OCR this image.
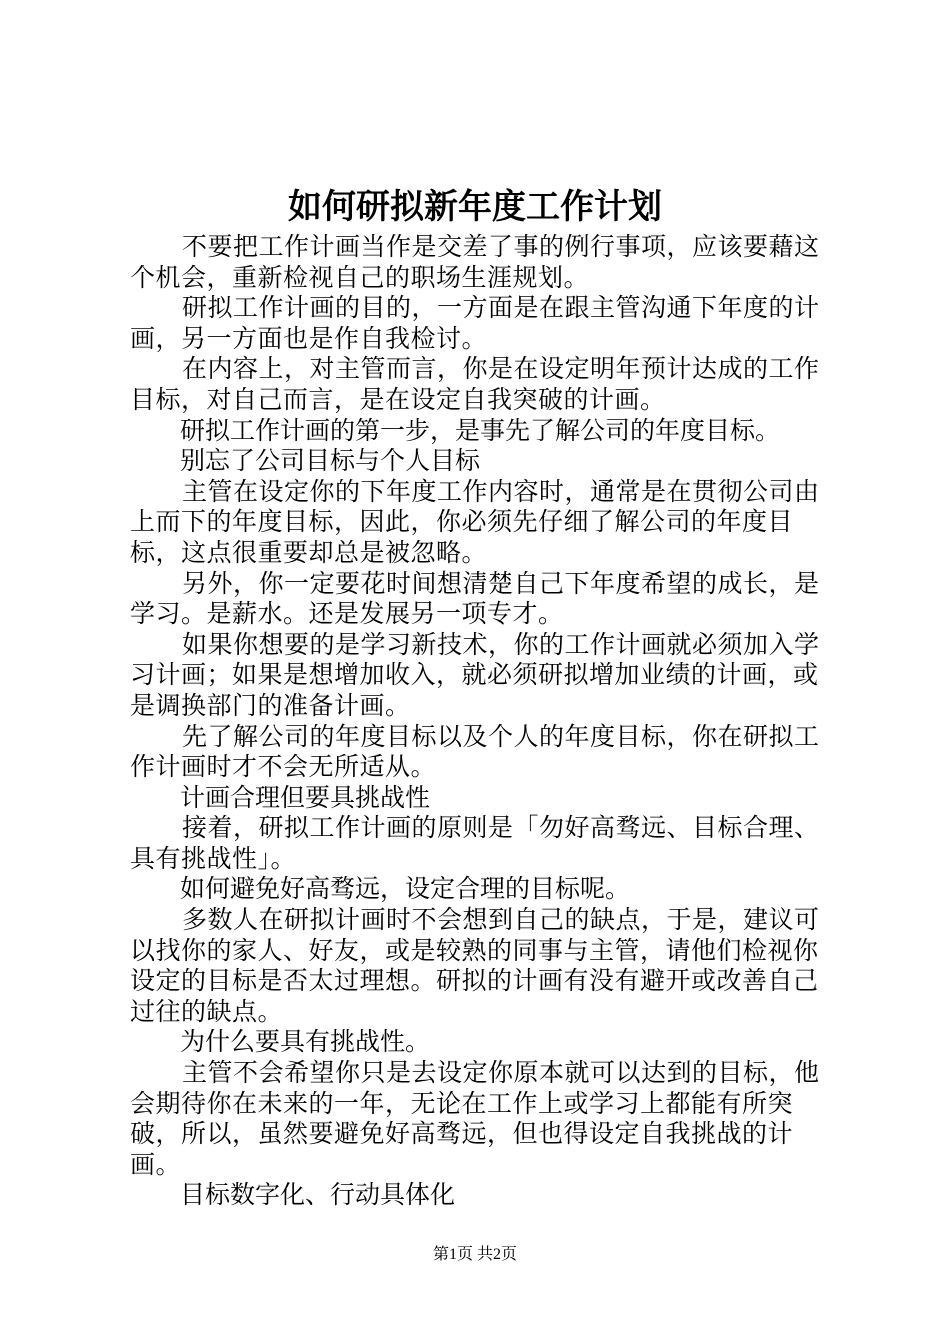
如何研拟新年度工作计划

不要把工作计画当作是交差了事的例行事项，应该要藉这个机会，重新检视自己的职场生涯规划。

研拟工作计画的目的，一方面是在跟主管沟通下年度的计画，另一方面也是作自我检讨。

在内容上，对主管而言，你是在设定明年预计达成的工作目标，对自己而言，是在设定自我突破的计画。

研拟工作计画的第一步，是事先了解公司的年度目标。

别忘了公司目标与个人目标

主管在设定你的下年度工作内容时，通常是在贯彻公司由上而下的年度目标，因此，你必须先仔细了解公司的年度目标，这点很重要却总是被忽略。

另外，你一定要花时间想清楚自己下年度希望的成长，是学习。是薪水。还是发展另一项专才。

如果你想要的是学习新技术，你的工作计画就必须加入学习计画；如果是想增加收入，就必须研拟增加业绩的计画，或是调换部门的准备计画。

先了解公司的年度目标以及个人的年度目标，你在研拟工作计画时才不会无所适从。

计画合理但要具挑战性

接着，研拟工作计画的原则是「勿好高骛远、目标合理、具有挑战性」。

如何避免好高骛远，设定合理的目标呢。

多数人在研拟计画时不会想到自己的缺点，于是，建议可以找你的家人、好友，或是较熟的同事与主管，请他们检视你设定的目标是否太过理想。研拟的计画有没有避开或改善自己过往的缺点。

为什么要具有挑战性。

主管不会希望你只是去设定你原本就可以达到的目标，他会期待你在未来的一年，无论在工作上或学习上都能有所突破，所以，虽然要避免好高骛远，但也得设定自我挑战的计画。

目标数字化、行动具体化

第1页 共2页
